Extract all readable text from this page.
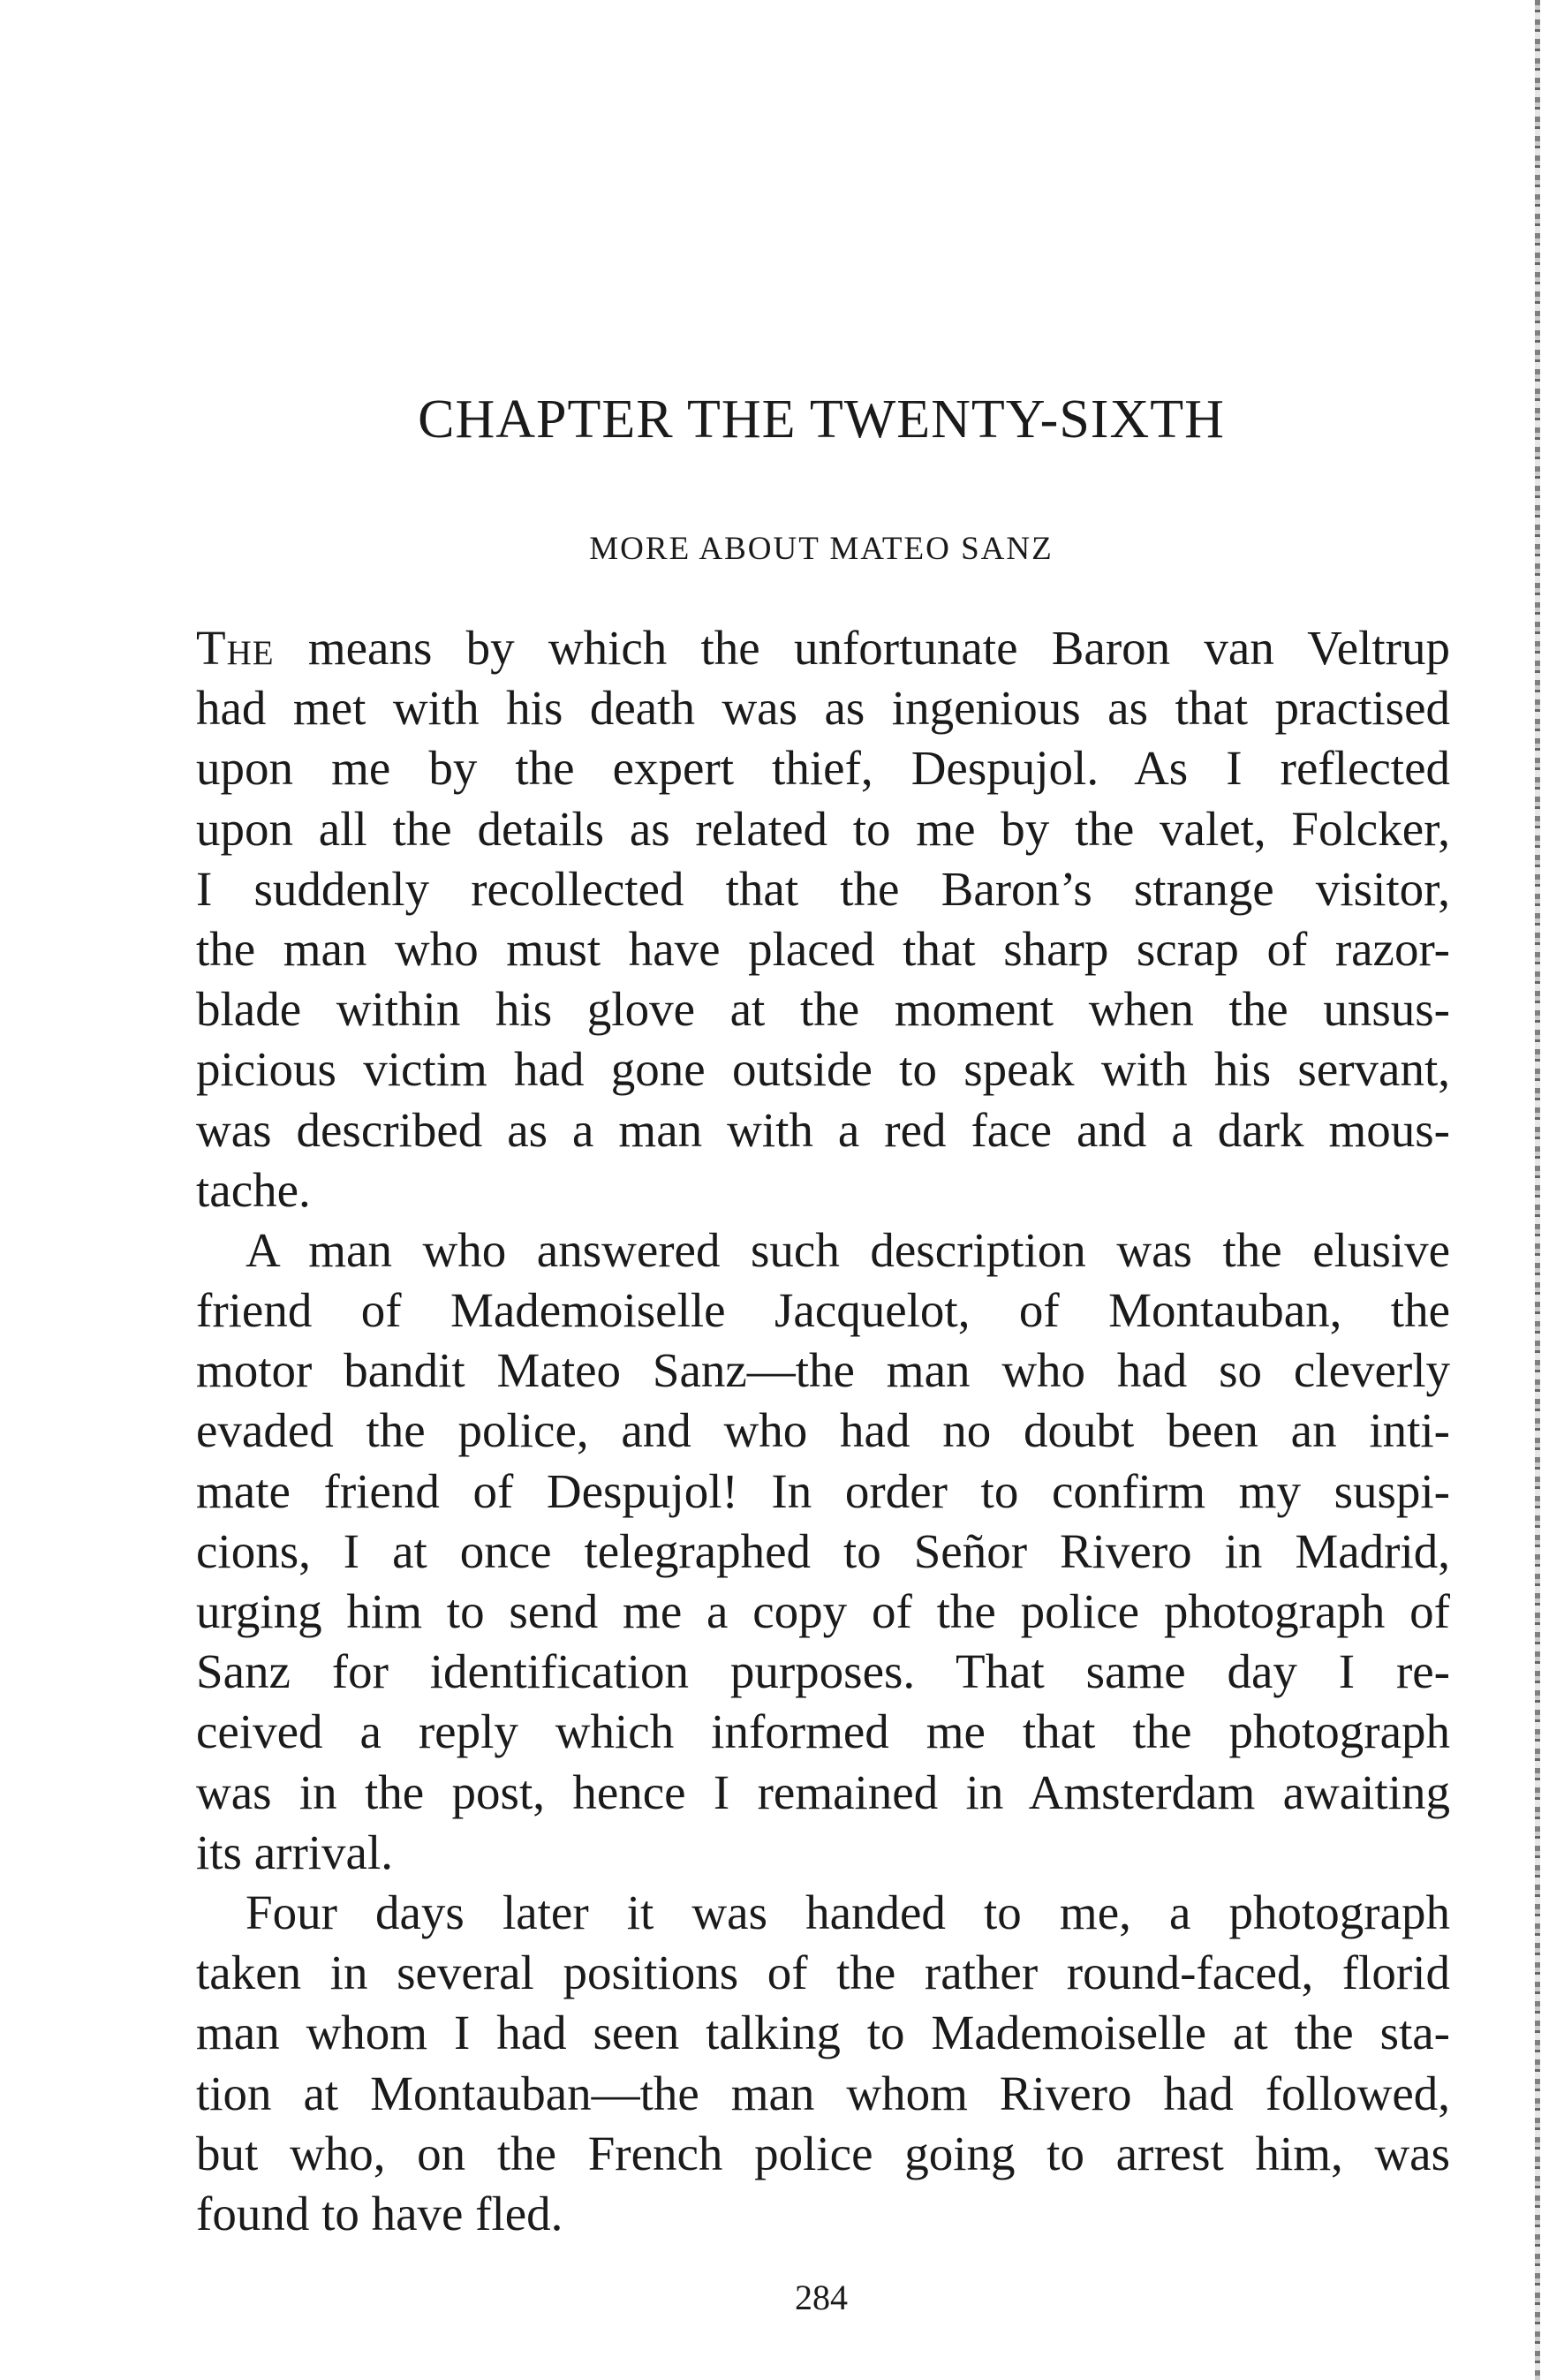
CHAPTER THE TWENTY-SIXTH
MORE ABOUT MATEO SANZ
The means by which the unfortunate Baron van Veltrup
had met with his death was as ingenious as that practised
upon me by the expert thief, Despujol. As I reflected
upon all the details as related to me by the valet, Folcker,
I suddenly recollected that the Baron’s strange visitor,
the man who must have placed that sharp scrap of razor-
blade within his glove at the moment when the unsus-
picious victim had gone outside to speak with his servant,
was described as a man with a red face and a dark mous-
tache.
A man who answered such description was the elusive
friend of Mademoiselle Jacquelot, of Montauban, the
motor bandit Mateo Sanz—the man who had so cleverly
evaded the police, and who had no doubt been an inti-
mate friend of Despujol! In order to confirm my suspi-
cions, I at once telegraphed to Señor Rivero in Madrid,
urging him to send me a copy of the police photograph of
Sanz for identification purposes. That same day I re-
ceived a reply which informed me that the photograph
was in the post, hence I remained in Amsterdam awaiting
its arrival.
Four days later it was handed to me, a photograph
taken in several positions of the rather round-faced, florid
man whom I had seen talking to Mademoiselle at the sta-
tion at Montauban—the man whom Rivero had followed,
but who, on the French police going to arrest him, was
found to have fled.

284
